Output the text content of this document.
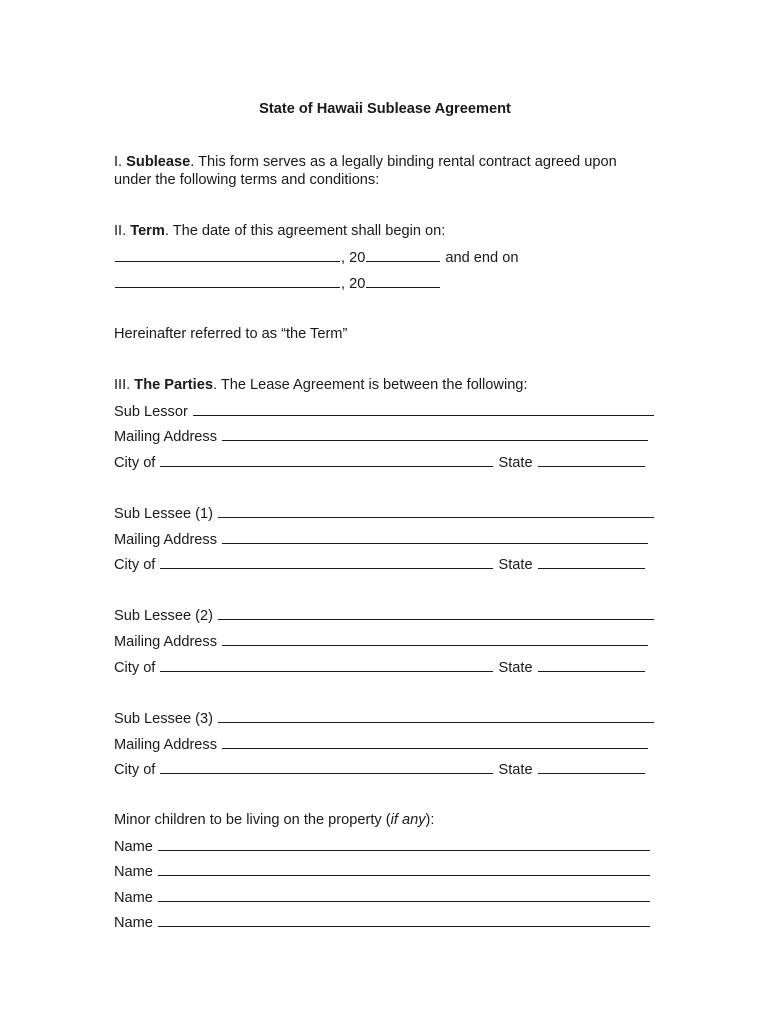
State of Hawaii Sublease Agreement
I. Sublease. This form serves as a legally binding rental contract agreed upon
under the following terms and conditions:
II. Term. The date of this agreement shall begin on:
, 20	and end on
, 20
Hereinafter referred to as “the Term”
III. The Parties. The Lease Agreement is between the following:
Sub Lessor
Mailing Address
City of	State
Sub Lessee (1)
Mailing Address
City of	State
Sub Lessee (2)
Mailing Address
City of	State
Sub Lessee (3)
Mailing Address
City of	State
Minor children to be living on the property (if any):
Name
Name
Name
Name
